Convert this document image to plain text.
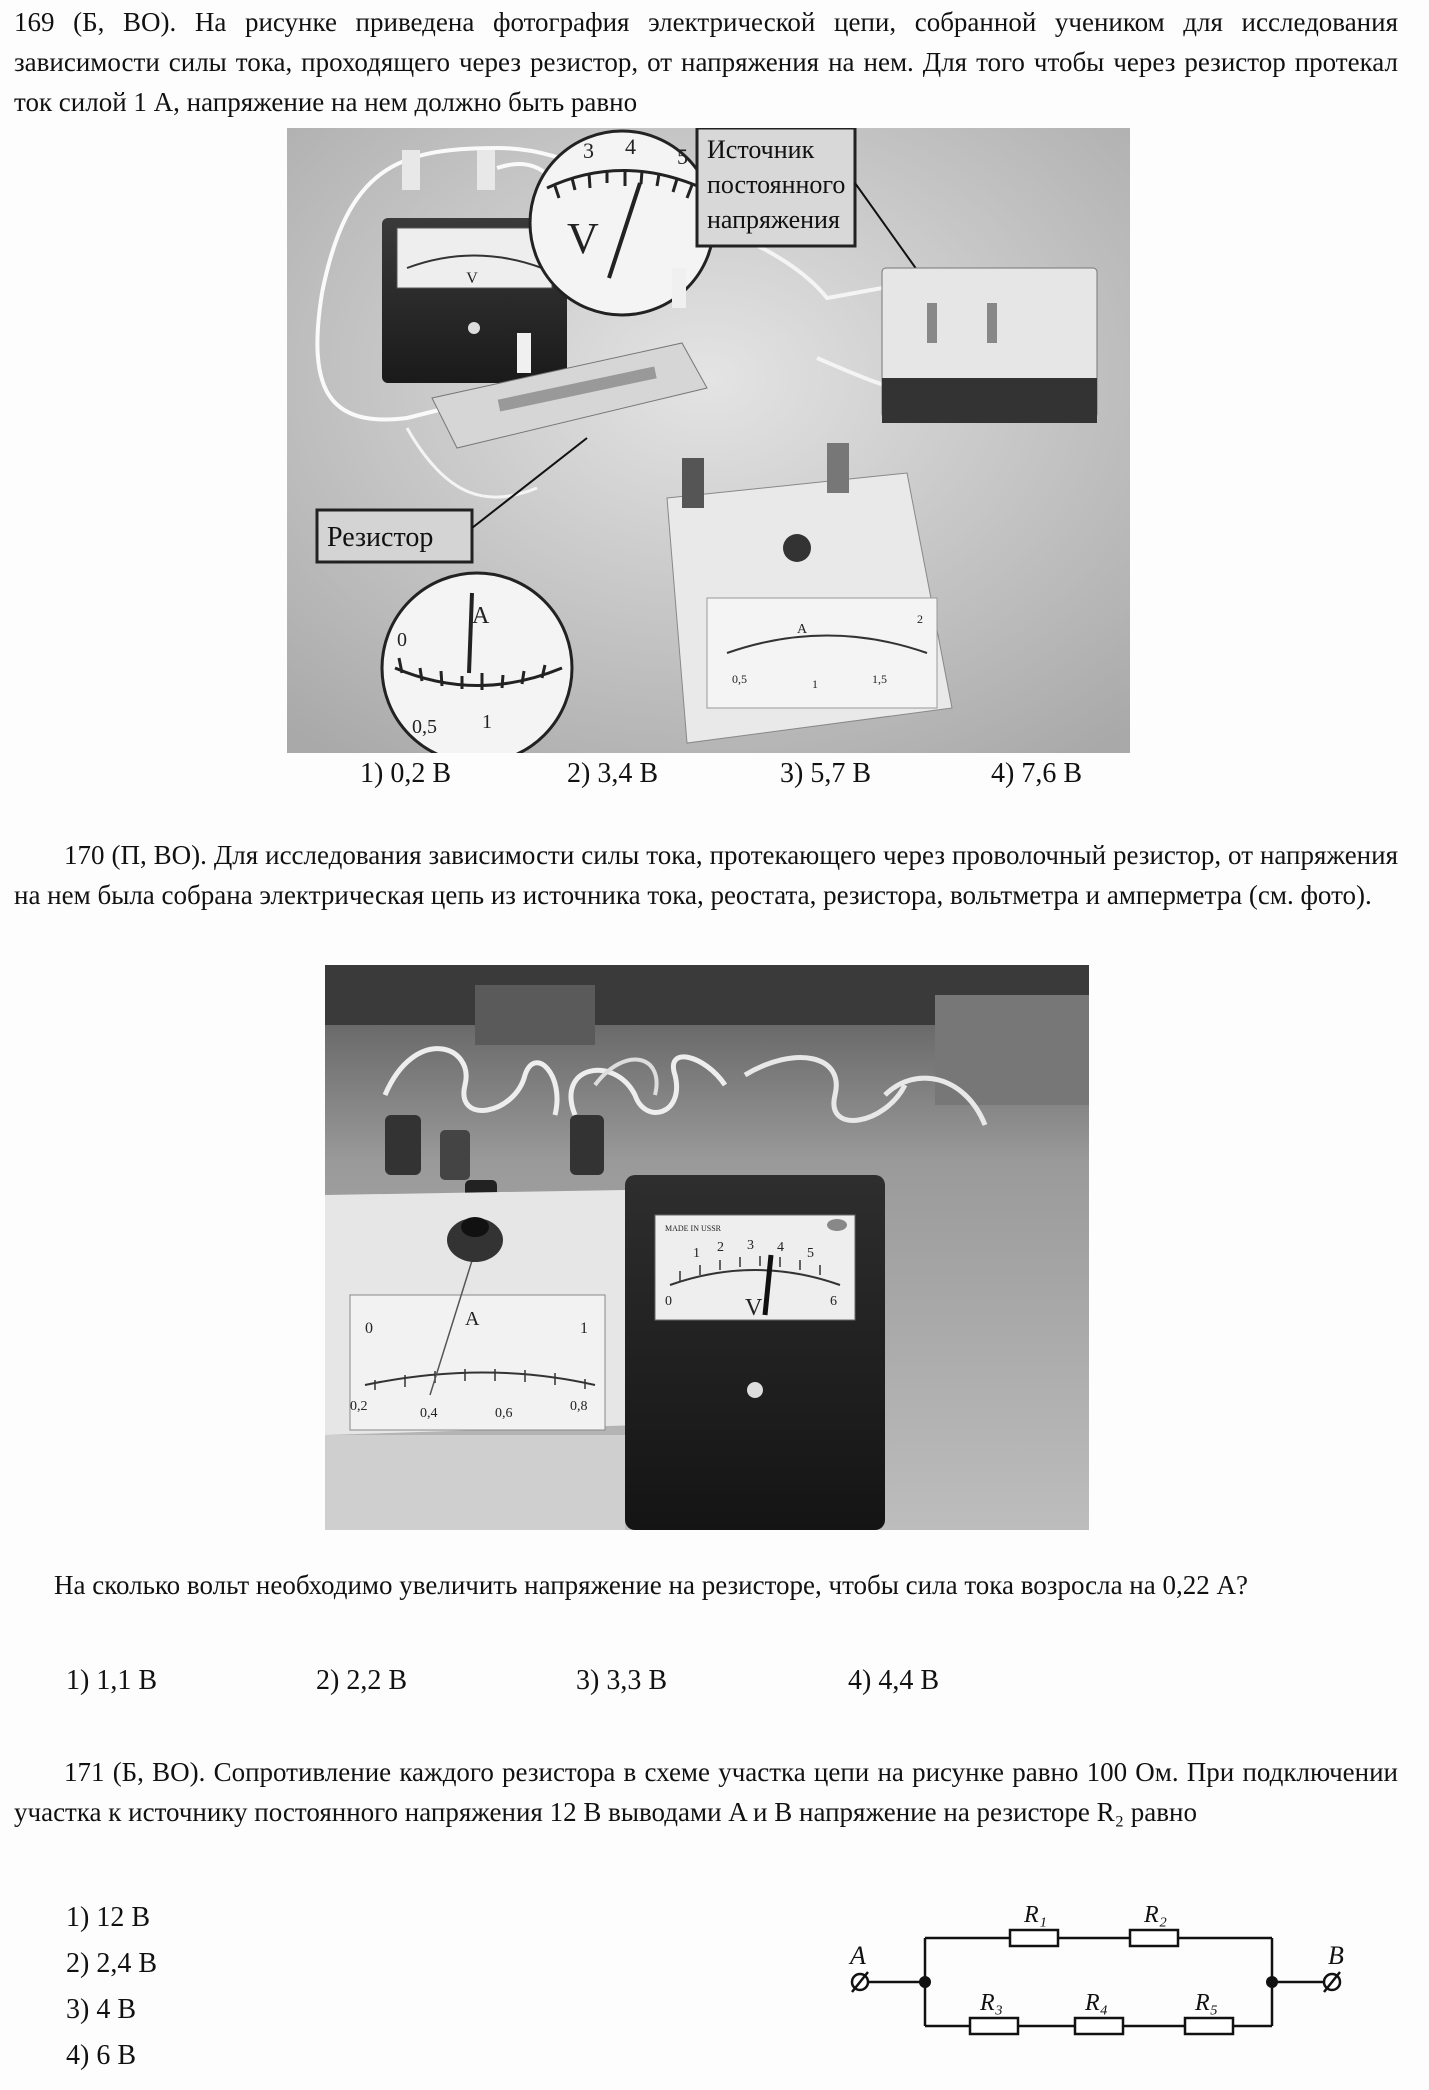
169 (Б, ВО). На рисунке приведена фотография электрической цепи, собранной учеником для исследования зависимости силы тока, проходящего через резистор, от напряжения на нем. Для того чтобы через резистор протекал ток силой 1 А, напряжение на нем должно быть равно
V
3 4 5
V
Источник постоянного напряжения
Резистор
A
0,5	1	1,5
2
0
0,5 1
A
1) 0,2 В	2) 3,4 В	3) 5,7 В	4) 7,6 В
170 (П, ВО). Для исследования зависимости силы тока, протекающего через проволочный резистор, от напряжения на нем была собрана электрическая цепь из источника тока, реостата, резистора, вольтметра и амперметра (см. фото).
0	A	1
0,2	0,4	0,6	0,8
MADE IN USSR
1 2 3 4 5
0	6
V
На сколько вольт необходимо увеличить напряжение на резисторе, чтобы сила тока возросла на 0,22 А?
1) 1,1 В	2) 2,2 В	3) 3,3 В	4) 4,4 В
171 (Б, ВО). Сопротивление каждого резистора в схеме участка цепи на рисунке равно 100 Ом. При подключении участка к источнику постоянного напряжения 12 В выводами A и B напряжение на резисторе R₂ равно
1) 12 В
2) 2,4 В
3) 4 В
4) 6 В
A	B
R₁	R₂
R₃	R₄	R₅
